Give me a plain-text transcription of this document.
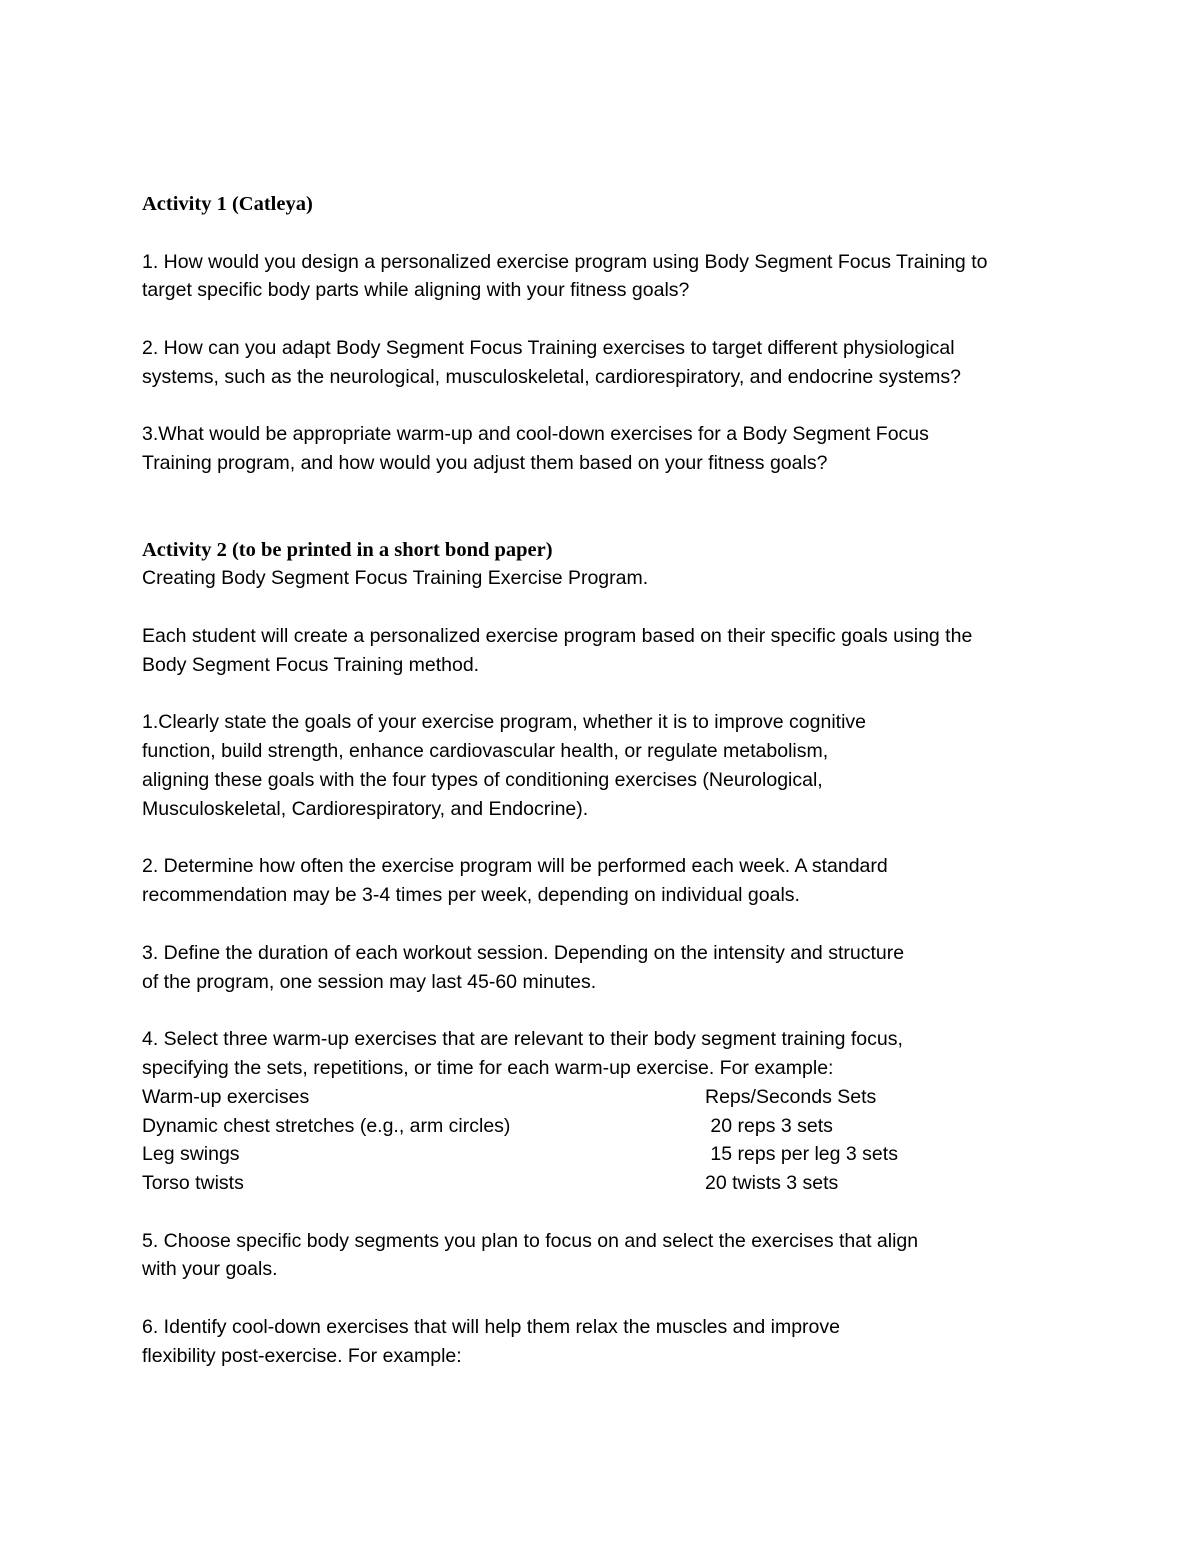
Activity 1 (Catleya)

1. How would you design a personalized exercise program using Body Segment Focus Training to
target specific body parts while aligning with your fitness goals?

2. How can you adapt Body Segment Focus Training exercises to target different physiological
systems, such as the neurological, musculoskeletal, cardiorespiratory, and endocrine systems?

3.What would be appropriate warm-up and cool-down exercises for a Body Segment Focus
Training program, and how would you adjust them based on your fitness goals?

Activity 2 (to be printed in a short bond paper)

Creating Body Segment Focus Training Exercise Program.

Each student will create a personalized exercise program based on their specific goals using the
Body Segment Focus Training method.

1.Clearly state the goals of your exercise program, whether it is to improve cognitive
function, build strength, enhance cardiovascular health, or regulate metabolism,
aligning these goals with the four types of conditioning exercises (Neurological,
Musculoskeletal, Cardiorespiratory, and Endocrine).

2. Determine how often the exercise program will be performed each week. A standard
recommendation may be 3-4 times per week, depending on individual goals.

3. Define the duration of each workout session. Depending on the intensity and structure
of the program, one session may last 45-60 minutes.

4. Select three warm-up exercises that are relevant to their body segment training focus,
specifying the sets, repetitions, or time for each warm-up exercise. For example:

Warm-up exercises	Reps/Seconds Sets
Dynamic chest stretches (e.g., arm circles)	20 reps 3 sets
Leg swings	15 reps per leg 3 sets
Torso twists	20 twists 3 sets

5. Choose specific body segments you plan to focus on and select the exercises that align
with your goals.

6. Identify cool-down exercises that will help them relax the muscles and improve
flexibility post-exercise. For example:
